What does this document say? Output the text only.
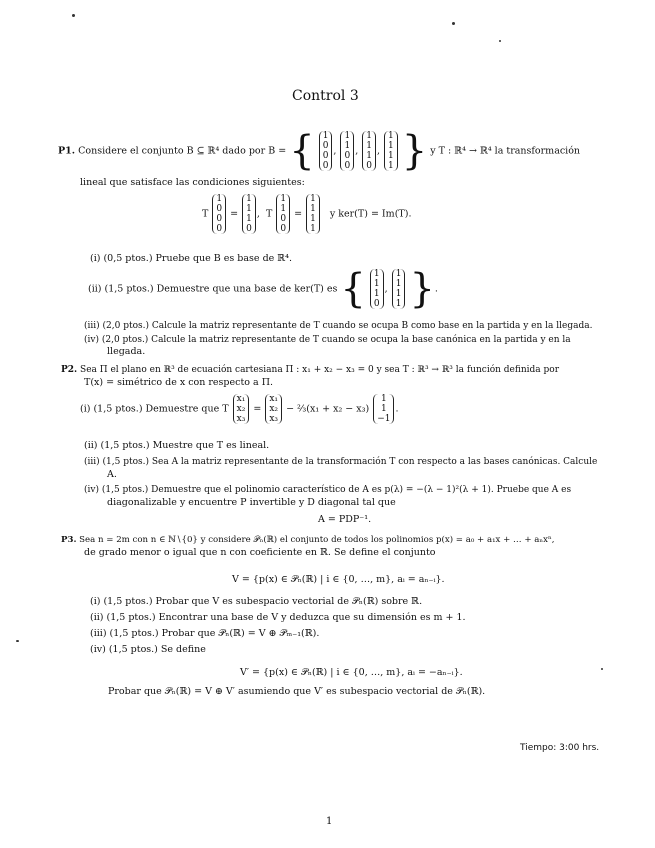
Control 3
P1. Considere el conjunto B ⊆ ℝ⁴ dado por B = { 1
0
0
0, 1
1
0
0, 1
1
1
0, 1
1
1
1 } y T : ℝ⁴ → ℝ⁴ la transformación
lineal que satisface las condiciones siguientes:
T 1
0
0
0 = 1
1
1
0,  T 1
1
0
0 = 1
1
1
1   y ker(T) = Im(T).
(i) (0,5 ptos.) Pruebe que B es base de ℝ⁴.
(ii) (1,5 ptos.) Demuestre que una base de ker(T) es { 1
1
1
0, 1
1
1
1 }.
(iii) (2,0 ptos.) Calcule la matriz representante de T cuando se ocupa B como base en la partida y en la llegada.
(iv) (2,0 ptos.) Calcule la matriz representante de T cuando se ocupa la base canónica en la partida y en la
llegada.
P2. Sea Π el plano en ℝ³ de ecuación cartesiana Π : x₁ + x₂ − x₃ = 0 y sea T : ℝ³ → ℝ³ la función definida por
T(x) = simétrico de x con respecto a Π.
(i) (1,5 ptos.) Demuestre que T x₁
x₂
x₃ = x₁
x₂
x₃ − ⅔(x₁ + x₂ − x₃) 1
1
−1.
(ii) (1,5 ptos.) Muestre que T es lineal.
(iii) (1,5 ptos.) Sea A la matriz representante de la transformación T con respecto a las bases canónicas. Calcule
A.
(iv) (1,5 ptos.) Demuestre que el polinomio característico de A es p(λ) = −(λ − 1)²(λ + 1). Pruebe que A es
diagonalizable y encuentre P invertible y D diagonal tal que
A = PDP⁻¹.
P3. Sea n = 2m con n ∈ ℕ∖{0} y considere 𝒫ₙ(ℝ) el conjunto de todos los polinomios p(x) = a₀ + a₁x + … + aₙxⁿ,
de grado menor o igual que n con coeficiente en ℝ. Se define el conjunto
V = {p(x) ∈ 𝒫ₙ(ℝ) | i ∈ {0, …, m}, aᵢ = aₙ₋ᵢ}.
(i) (1,5 ptos.) Probar que V es subespacio vectorial de 𝒫ₙ(ℝ) sobre ℝ.
(ii) (1,5 ptos.) Encontrar una base de V y deduzca que su dimensión es m + 1.
(iii) (1,5 ptos.) Probar que 𝒫ₙ(ℝ) = V ⊕ 𝒫ₘ₋₁(ℝ).
(iv) (1,5 ptos.) Se define
V′ = {p(x) ∈ 𝒫ₙ(ℝ) | i ∈ {0, …, m}, aᵢ = −aₙ₋ᵢ}.
Probar que 𝒫ₙ(ℝ) = V ⊕ V′ asumiendo que V′ es subespacio vectorial de 𝒫ₙ(ℝ).
Tiempo: 3:00 hrs.
1
